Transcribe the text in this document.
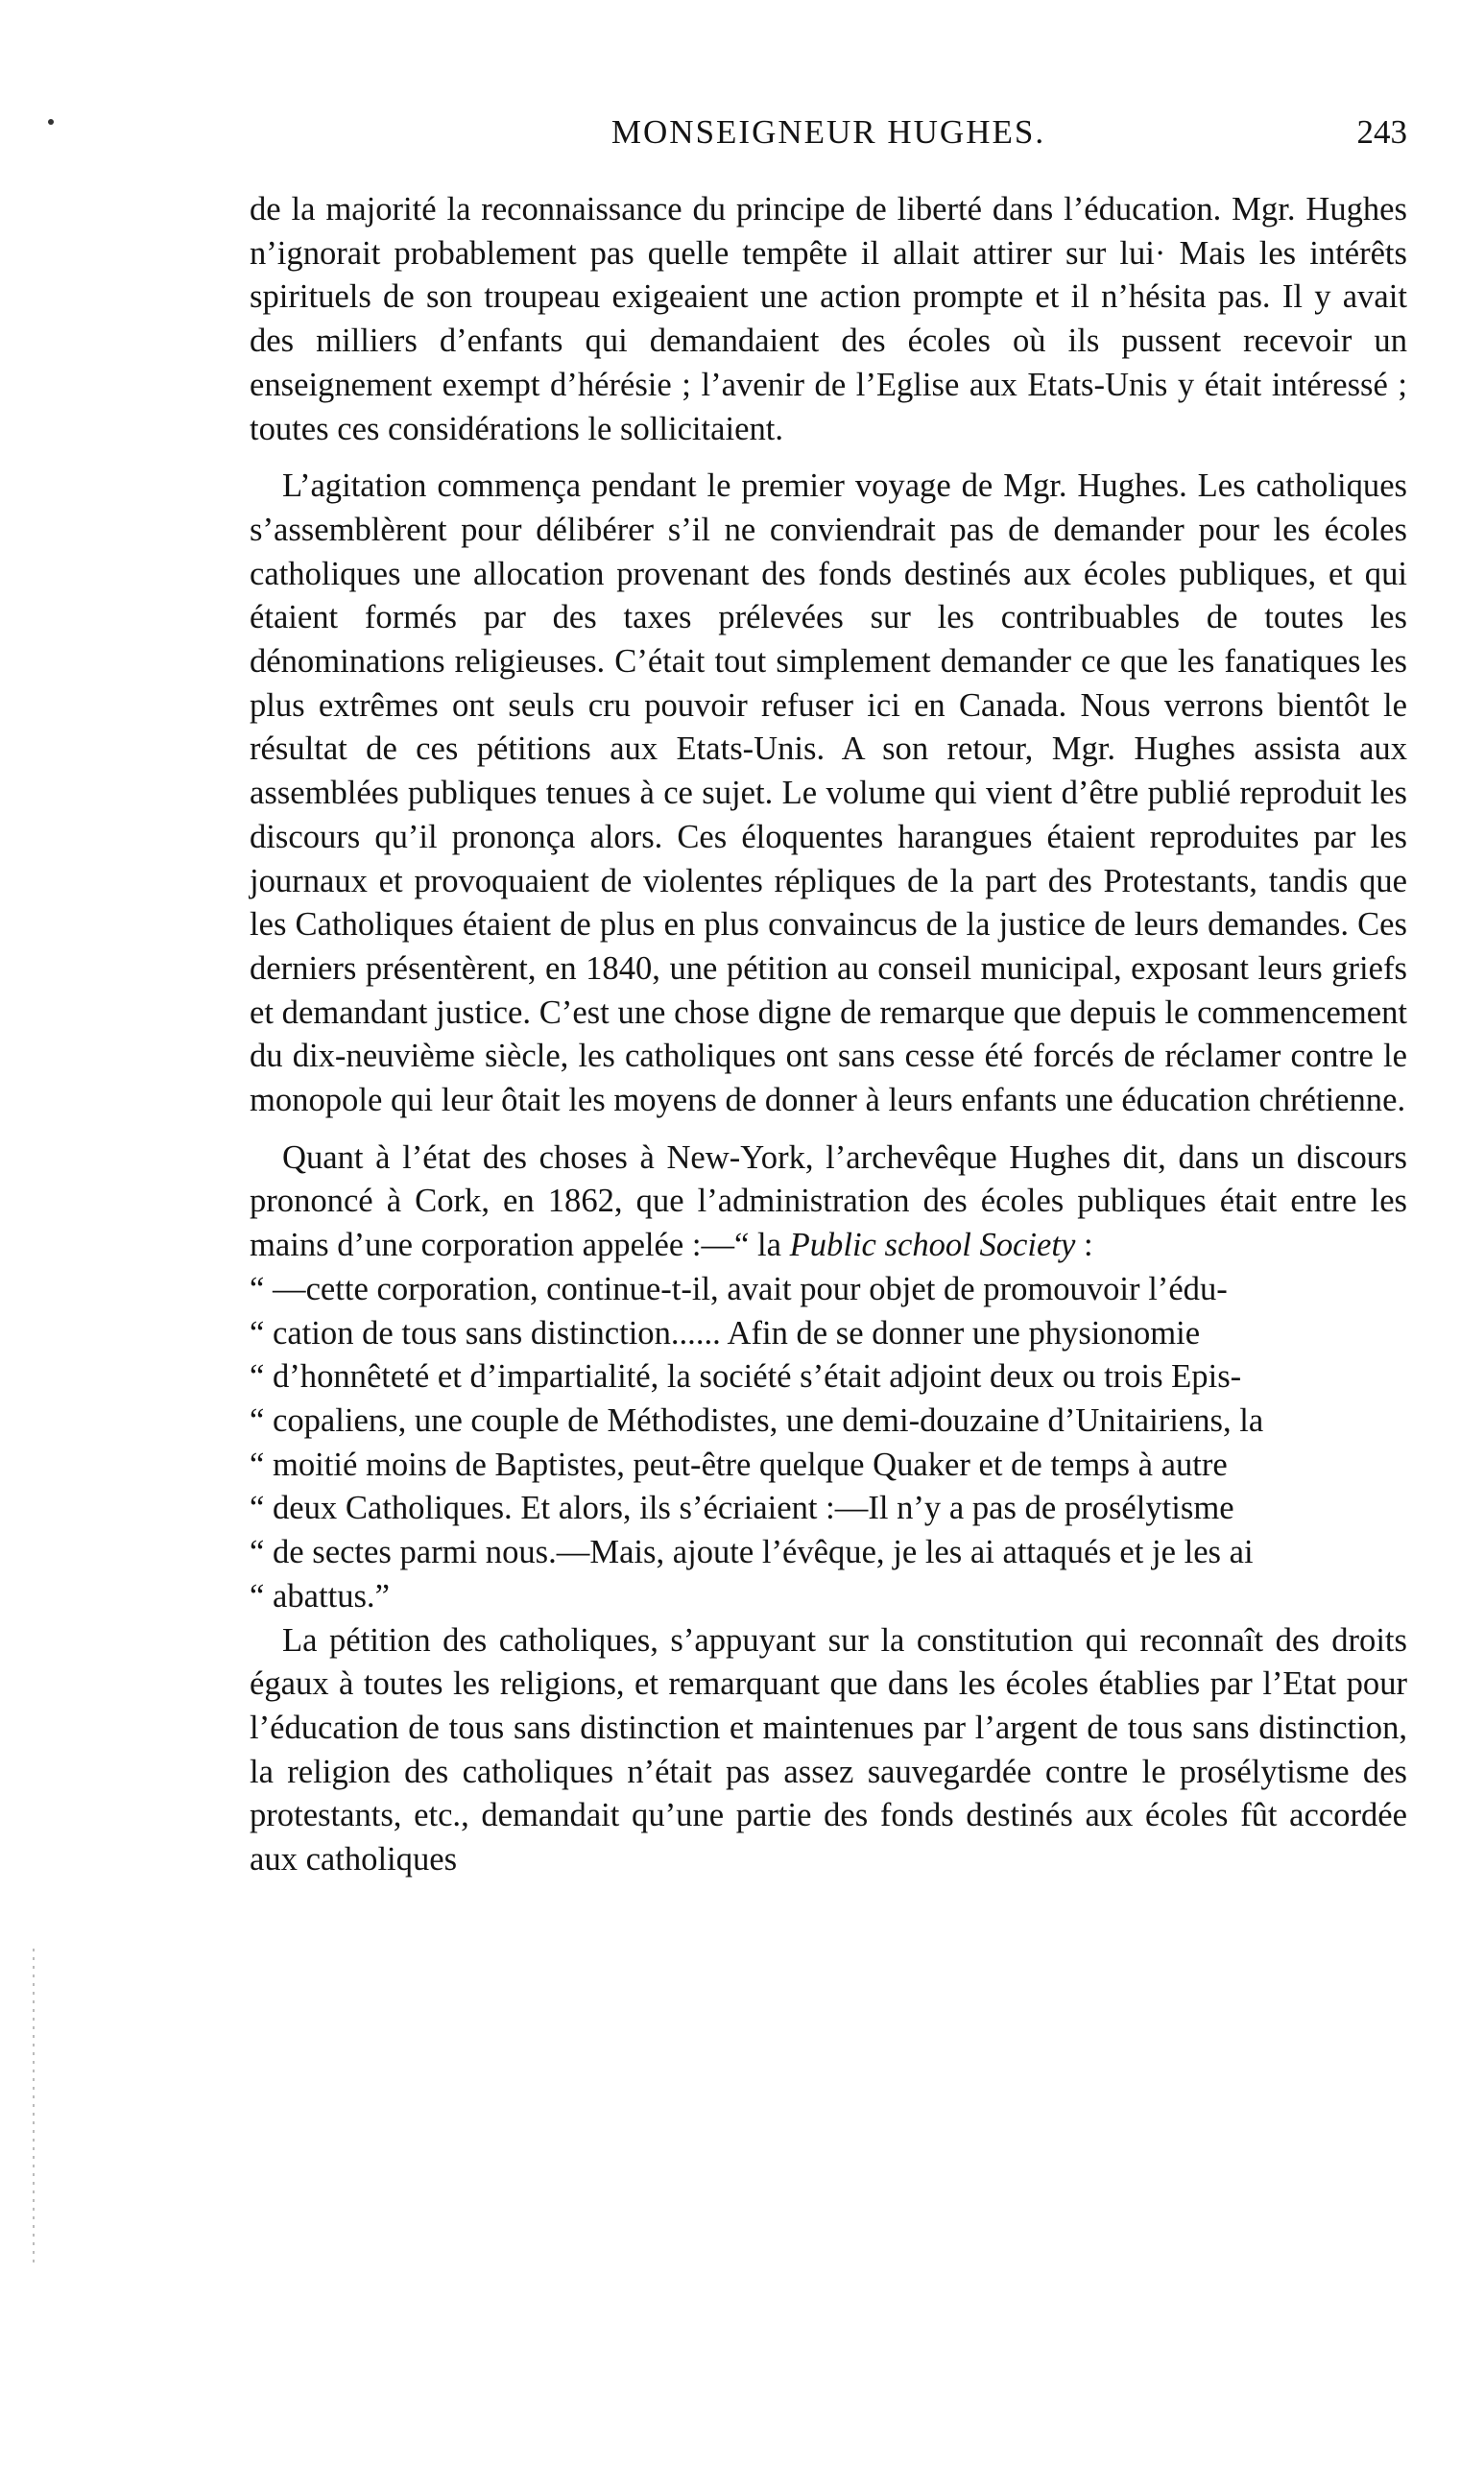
MONSEIGNEUR HUGHES.	243

de la majorité la reconnaissance du principe de liberté dans l’éducation. Mgr. Hughes n’ignorait probablement pas quelle tempête il allait attirer sur lui· Mais les intérêts spirituels de son troupeau exigeaient une action prompte et il n’hésita pas. Il y avait des milliers d’enfants qui demandaient des écoles où ils pussent recevoir un enseignement exempt d’hérésie ; l’avenir de l’Eglise aux Etats-Unis y était intéressé ; toutes ces considérations le sollicitaient.

L’agitation commença pendant le premier voyage de Mgr. Hughes. Les catholiques s’assemblèrent pour délibérer s’il ne conviendrait pas de demander pour les écoles catholiques une allocation provenant des fonds destinés aux écoles publiques, et qui étaient formés par des taxes prélevées sur les contribuables de toutes les dénominations religieuses. C’était tout simplement demander ce que les fanatiques les plus extrêmes ont seuls cru pouvoir refuser ici en Canada. Nous verrons bientôt le résultat de ces pétitions aux Etats-Unis. A son retour, Mgr. Hughes assista aux assemblées publiques tenues à ce sujet. Le volume qui vient d’être publié reproduit les discours qu’il prononça alors. Ces éloquentes harangues étaient reproduites par les journaux et provoquaient de violentes répliques de la part des Protestants, tandis que les Catholiques étaient de plus en plus convaincus de la justice de leurs demandes. Ces derniers présentèrent, en 1840, une pétition au conseil municipal, exposant leurs griefs et demandant justice. C’est une chose digne de remarque que depuis le commencement du dix-neuvième siècle, les catholiques ont sans cesse été forcés de réclamer contre le monopole qui leur ôtait les moyens de donner à leurs enfants une éducation chrétienne.

Quant à l’état des choses à New-York, l’archevêque Hughes dit, dans un discours prononcé à Cork, en 1862, que l’administration des écoles publiques était entre les mains d’une corporation appelée :—“ la Public school Society :

“ —cette corporation, continue-t-il, avait pour objet de promouvoir l’édu-
“ cation de tous sans distinction...... Afin de se donner une physionomie
“ d’honnêteté et d’impartialité, la société s’était adjoint deux ou trois Epis-
“ copaliens, une couple de Méthodistes, une demi-douzaine d’Unitairiens, la
“ moitié moins de Baptistes, peut-être quelque Quaker et de temps à autre
“ deux Catholiques. Et alors, ils s’écriaient :—Il n’y a pas de prosélytisme
“ de sectes parmi nous.—Mais, ajoute l’évêque, je les ai attaqués et je les ai
“ abattus.”

La pétition des catholiques, s’appuyant sur la constitution qui reconnaît des droits égaux à toutes les religions, et remarquant que dans les écoles établies par l’Etat pour l’éducation de tous sans distinction et maintenues par l’argent de tous sans distinction, la religion des catholiques n’était pas assez sauvegardée contre le prosélytisme des protestants, etc., demandait qu’une partie des fonds destinés aux écoles fût accordée aux catholiques
